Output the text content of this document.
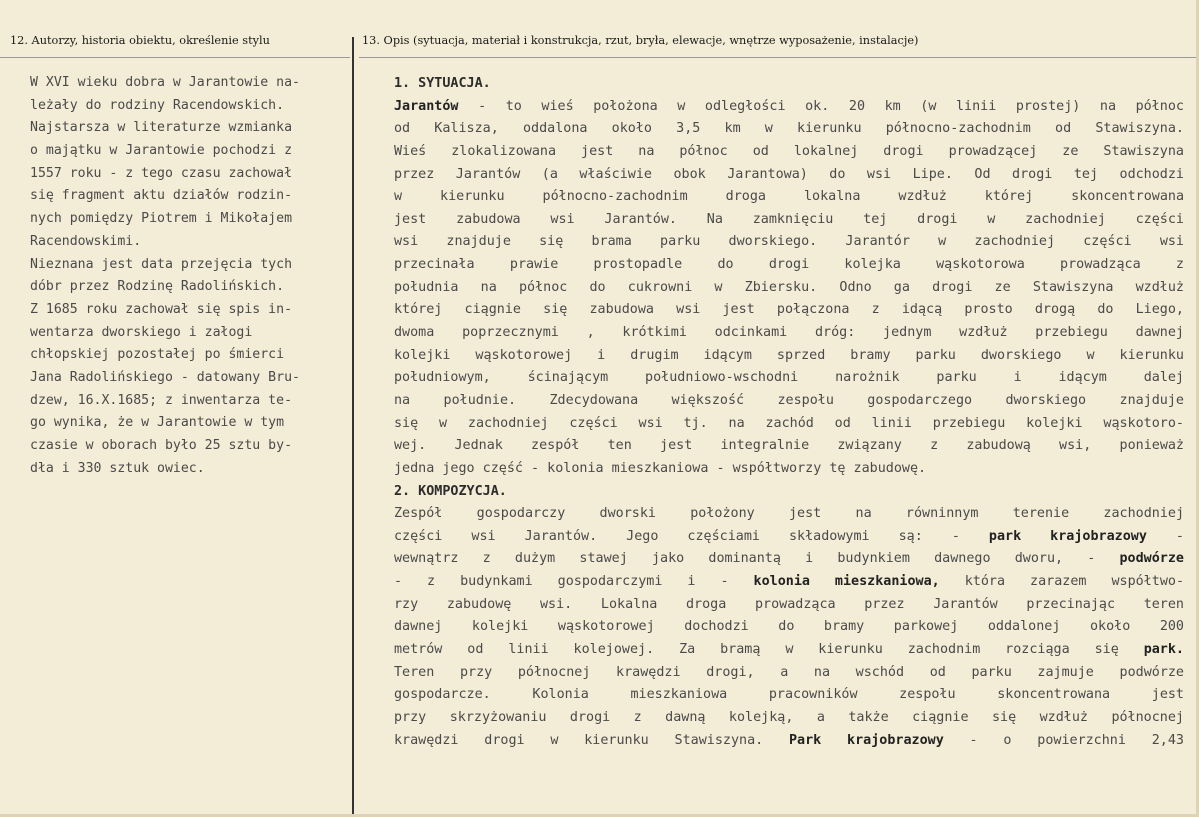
12. Autorzy, historia obiektu, określenie stylu	13. Opis (sytuacja, materiał i konstrukcja, rzut, bryła, elewacje, wnętrze wyposażenie, instalacje)
W XVI wieku dobra w Jarantowie na-
leżały do rodziny Racendowskich.
Najstarsza w literaturze wzmianka
o majątku w Jarantowie pochodzi z
1557 roku - z tego czasu zachował
się fragment aktu działów rodzin-
nych pomiędzy Piotrem i Mikołajem
Racendowskimi.
Nieznana jest data przejęcia tych
dóbr przez Rodzinę Radolińskich.
Z 1685 roku zachował się spis in-
wentarza dworskiego i załogi
chłopskiej pozostałej po śmierci
Jana Radolińskiego - datowany Bru-
dzew, 16.X.1685; z inwentarza te-
go wynika, że w Jarantowie w tym
czasie w oborach było 25 sztu by-
dła i 330 sztuk owiec.
1. SYTUACJA.
Jarantów - to wieś położona w odległości ok. 20 km (w linii prostej) na północ
od Kalisza, oddalona około 3,5 km w kierunku północno-zachodnim od Stawiszyna.
Wieś zlokalizowana jest na północ od lokalnej drogi prowadzącej ze Stawiszyna
przez Jarantów (a właściwie obok Jarantowa) do wsi Lipe. Od drogi tej odchodzi
w kierunku północno-zachodnim droga lokalna wzdłuż której skoncentrowana
jest zabudowa wsi Jarantów. Na zamknięciu tej drogi w zachodniej części
wsi znajduje się brama parku dworskiego. Jarantór w zachodniej części wsi
przecinała prawie prostopadle do drogi kolejka wąskotorowa prowadząca z
południa na północ do cukrowni w Zbiersku. Odno ga drogi ze Stawiszyna wzdłuż
której ciągnie się zabudowa wsi jest połączona z idącą prosto drogą do Liego,
dwoma poprzecznymi , krótkimi odcinkami dróg: jednym wzdłuż przebiegu dawnej
kolejki wąskotorowej i drugim idącym sprzed bramy parku dworskiego w kierunku
południowym, ścinającym południowo-wschodni narożnik parku i idącym dalej
na południe. Zdecydowana większość zespołu gospodarczego dworskiego znajduje
się w zachodniej części wsi tj. na zachód od linii przebiegu kolejki wąskotoro-
wej. Jednak zespół ten jest integralnie związany z zabudową wsi, ponieważ
jedna jego część - kolonia mieszkaniowa - współtworzy tę zabudowę.
2. KOMPOZYCJA.
Zespół gospodarczy dworski położony jest na równinnym terenie zachodniej
części wsi Jarantów. Jego częściami składowymi są: - park krajobrazowy -
wewnątrz z dużym stawej jako dominantą i budynkiem dawnego dworu, - podwórze
- z budynkami gospodarczymi i - kolonia mieszkaniowa, która zarazem współtwo-
rzy zabudowę wsi. Lokalna droga prowadząca przez Jarantów przecinając teren
dawnej kolejki wąskotorowej dochodzi do bramy parkowej oddalonej około 200
metrów od linii kolejowej. Za bramą w kierunku zachodnim rozciąga się park.
Teren przy północnej krawędzi drogi, a na wschód od parku zajmuje podwórze
gospodarcze. Kolonia mieszkaniowa pracowników zespołu skoncentrowana jest
przy skrzyżowaniu drogi z dawną kolejką, a także ciągnie się wzdłuż północnej
krawędzi drogi w kierunku Stawiszyna. Park krajobrazowy - o powierzchni 2,43
